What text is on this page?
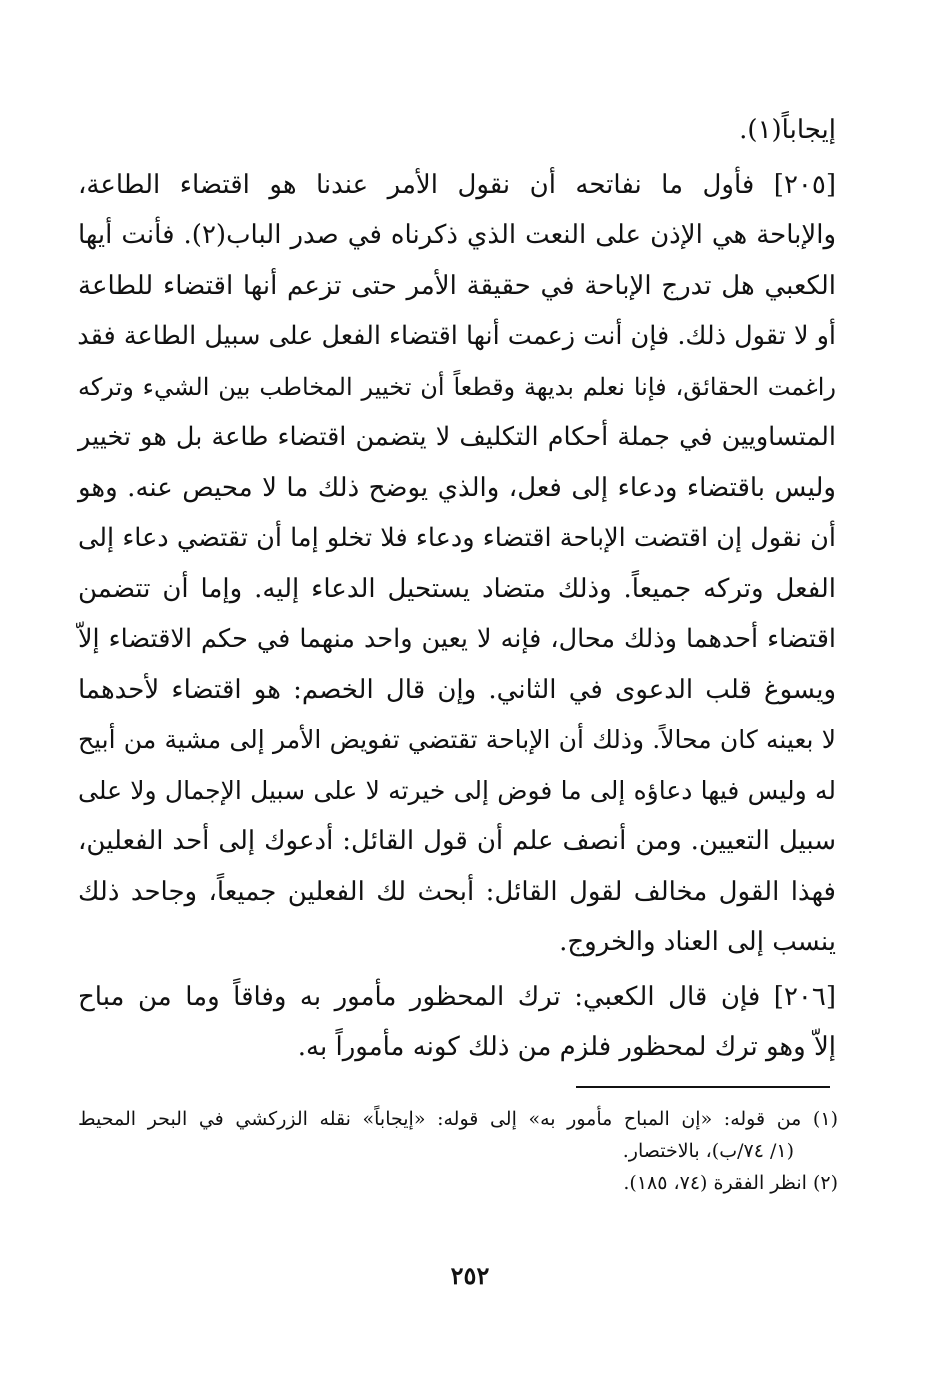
إيجاباً(١).
[٢٠٥] فأول ما نفاتحه أن نقول الأمر عندنا هو اقتضاء الطاعة،
والإباحة هي الإذن على النعت الذي ذكرناه في صدر الباب(٢). فأنت أيها
الكعبي هل تدرج الإباحة في حقيقة الأمر حتى تزعم أنها اقتضاء للطاعة
أو لا تقول ذلك. فإن أنت زعمت أنها اقتضاء الفعل على سبيل الطاعة فقد
راغمت الحقائق، فإنا نعلم بديهة وقطعاً أن تخيير المخاطب بين الشيء وتركه
المتساويين في جملة أحكام التكليف لا يتضمن اقتضاء طاعة بل هو تخيير
وليس باقتضاء ودعاء إلى فعل، والذي يوضح ذلك ما لا محيص عنه. وهو
أن نقول إن اقتضت الإباحة اقتضاء ودعاء فلا تخلو إما أن تقتضي دعاء إلى
الفعل وتركه جميعاً. وذلك متضاد يستحيل الدعاء إليه. وإما أن تتضمن
اقتضاء أحدهما وذلك محال، فإنه لا يعين واحد منهما في حكم الاقتضاء إلاّ
ويسوغ قلب الدعوى في الثاني. وإن قال الخصم: هو اقتضاء لأحدهما
لا بعينه كان محالاً. وذلك أن الإباحة تقتضي تفويض الأمر إلى مشية من أبيح
له وليس فيها دعاؤه إلى ما فوض إلى خيرته لا على سبيل الإجمال ولا على
سبيل التعيين. ومن أنصف علم أن قول القائل: أدعوك إلى أحد الفعلين،
فهذا القول مخالف لقول القائل: أبحث لك الفعلين جميعاً، وجاحد ذلك
ينسب إلى العناد والخروج.
[٢٠٦] فإن قال الكعبي: ترك المحظور مأمور به وفاقاً وما من مباح
إلاّ وهو ترك لمحظور فلزم من ذلك كونه مأموراً به.
(١) من قوله: «إن المباح مأمور به» إلى قوله: «إيجاباً» نقله الزركشي في البحر المحيط
(١/ ٧٤/ب)، بالاختصار.
(٢) انظر الفقرة (٧٤، ١٨٥).
٢٥٢
